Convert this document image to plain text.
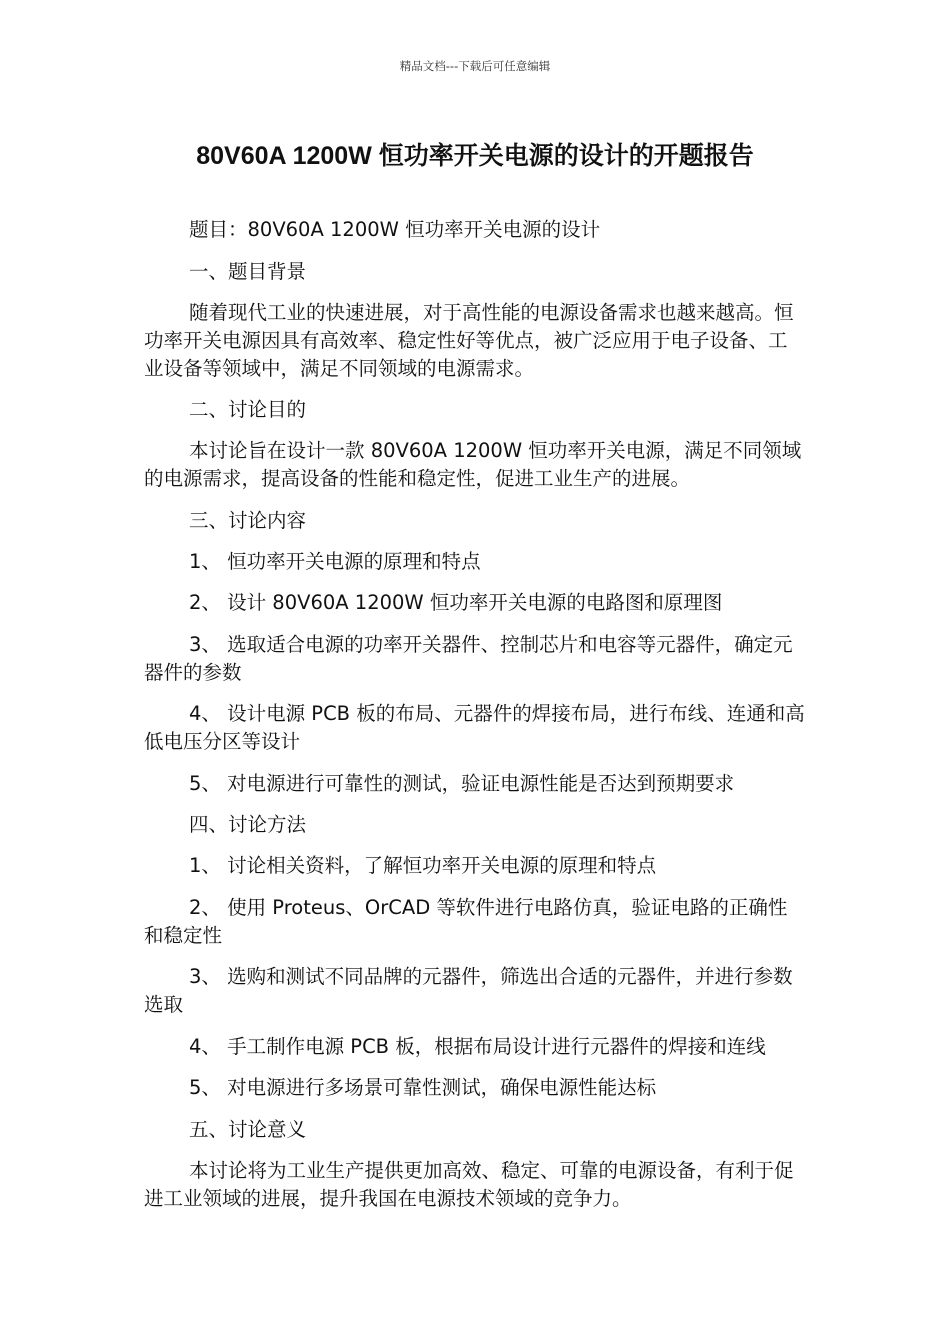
精品文档---下载后可任意编辑
80V60A 1200W 恒功率开关电源的设计的开题报告

题目：80V60A 1200W 恒功率开关电源的设计

一、题目背景

随着现代工业的快速进展，对于高性能的电源设备需求也越来越高。恒功率开关电源因具有高效率、稳定性好等优点，被广泛应用于电子设备、工业设备等领域中，满足不同领域的电源需求。

二、讨论目的

本讨论旨在设计一款 80V60A 1200W 恒功率开关电源，满足不同领域的电源需求，提高设备的性能和稳定性，促进工业生产的进展。

三、讨论内容

1、 恒功率开关电源的原理和特点

2、 设计 80V60A 1200W 恒功率开关电源的电路图和原理图

3、 选取适合电源的功率开关器件、控制芯片和电容等元器件，确定元器件的参数

4、 设计电源 PCB 板的布局、元器件的焊接布局，进行布线、连通和高低电压分区等设计

5、 对电源进行可靠性的测试，验证电源性能是否达到预期要求

四、讨论方法

1、 讨论相关资料，了解恒功率开关电源的原理和特点

2、 使用 Proteus、OrCAD 等软件进行电路仿真，验证电路的正确性和稳定性

3、 选购和测试不同品牌的元器件，筛选出合适的元器件，并进行参数选取

4、 手工制作电源 PCB 板，根据布局设计进行元器件的焊接和连线

5、 对电源进行多场景可靠性测试，确保电源性能达标

五、讨论意义

本讨论将为工业生产提供更加高效、稳定、可靠的电源设备，有利于促进工业领域的进展，提升我国在电源技术领域的竞争力。
